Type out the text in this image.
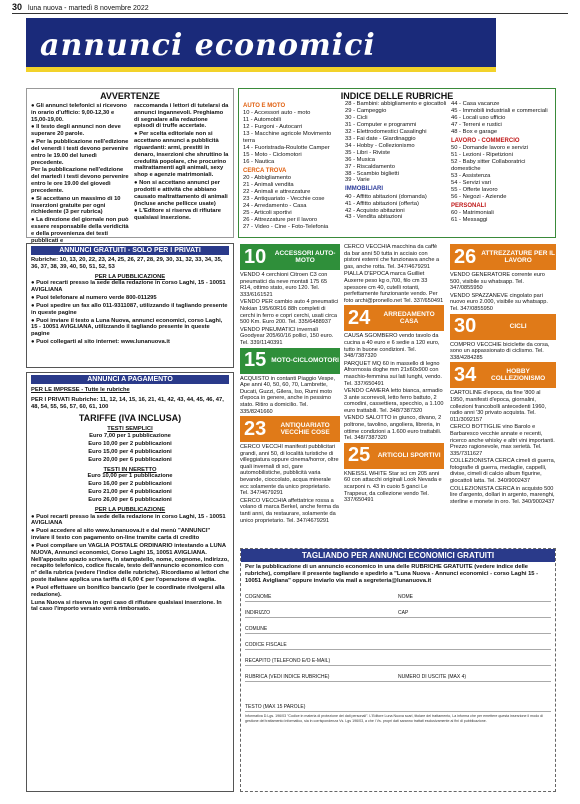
30 luna nuova - martedì 8 novembre 2022
annunci economici
AVVERTENZE
● Gli annunci telefonici si ricevono in orario d'ufficio: 9,00-12,30 e 15,00-19,00.
● Il testo degli annunci non deve superare 20 parole.
● Per la pubblicazione nell'edizione del venerdì i testi devono pervenire entro le 19.00 del lunedì precedente.
Per la pubblicazione nell'edizione del martedì i testi devono pervenire entro le ore 19.00 del giovedì precedente.
● Si accettano un massimo di 10 inserzioni gratuite per ogni richiedente (3 per rubrica)
● La direzione del giornale non può essere responsabile della veridicità e della provenienza dei testi pubblicati e
raccomanda i lettori di tutelarsi da annunci ingannevoli. Preghiamo di segnalare alla redazione episodi di truffe accertate.
● Per scelta editoriale non si accettano annunci a pubblicità riguardanti: armi, prestiti in denaro, inserzioni che shruttino la credulità popolare, che procurino maltrattamenti agli animali, sexy shop e agenzie matrimoniali.
● Non si accettano annunci per prodotti e attività che abbiano causato maltrattamento di animali (incluse anche pellicce usate)
● L'Editore si riserva di rifiutare qualsiasi inserzione.
INDICE DELLE RUBRICHE
AUTO E MOTO
10 - Accessori auto - moto
11 - Automobili
12 - Furgoni - Autocarri
13 - Macchine agricole Movimento terra
14 - Fuoristrada-Roulotte Camper
15 - Moto - Ciclomotori
16 - Nautica
CERCA TROVA
20 - Abbigliamento
21 - Animali vendita
22 - Animali e attrezzature
23 - Antiquariato - Vecchie cose
24 - Arredamento - Casa
25 - Articoli sportivi
26 - Attrezzature per il lavoro
27 - Video - Cine - Foto-Telefonia
28 - Bambini: abbigliamento e giocattoli
29 - Campeggio
30 - Cicli
31 - Computer e programmi
32 - Elettrodomestici Casalinghi
33 - Fai date - Giardinaggio
34 - Hobby - Collezionismo
35 - Libri - Riviste
36 - Musica
37 - Riscaldamento
38 - Scambio biglietti
39 - Varie
IMMOBILIARI
40 - Affitto abitazioni (domanda)
41 - Affitto abitazioni (offerta)
42 - Acquisto abitazioni
43 - Vendita abitazioni
44 - Casa vacanze
45 - Immobili industriali e commerciali
46 - Locali uso ufficio
47 - Terreni e rustici
48 - Box e garage
LAVORO - COMMERCIO
50 - Domande lavoro e servizi
51 - Lezioni - Ripetizioni
52 - Baby sitter Collaboratrici domestiche
53 - Assistenza
54 - Servizi vari
55 - Offerte lavoro
56 - Negozi - Aziende
PERSONALI
60 - Matrimoniali
61 - Messaggi
ANNUNCI GRATUITI - SOLO PER I PRIVATI
Rubriche: 10, 13, 20, 22, 23, 24, 25, 26, 27, 28, 29, 30, 31, 32, 33, 34, 35, 36, 37, 38, 39, 40, 50, 51, 52, 53
PER LA PUBBLICAZIONE
● Puoi recarti presso la sede della redazione in corso Laghi, 15 - 10051 AVIGLIANA
● Puoi telefonare al numero verde 800-011295
● Puoi spedire un fax allo 011-9311087, utilizzando il tagliando presente in queste pagine
● Puoi inviare il testo a Luna Nuova, annunci economici, corso Laghi, 15 - 10051 AVIGLIANA, utilizzando il tagliando presente in queste pagine
● Puoi collegarti al sito internet: www.lunanuova.it
ANNUNCI A PAGAMENTO
PER LE IMPRESE - Tutte le rubriche
PER I PRIVATI Rubriche: 11, 12, 14, 15, 16, 21, 41, 42, 43, 44, 45, 46, 47, 48, 54, 55, 56, 57, 60, 61, 100
TARIFFE (IVA INCLUSA)
TESTI SEMPLICI
Euro 7,00 per 1 pubblicazione
Euro 10,00 per 2 pubblicazioni
Euro 15,00 per 4 pubblicazioni
Euro 20,00 per 6 pubblicazioni
TESTI IN NERETTO
Euro 10,00 per 1 pubblicazione
Euro 16,00 per 2 pubblicazioni
Euro 21,00 per 4 pubblicazioni
Euro 26,00 per 6 pubblicazioni
PER LA PUBBLICAZIONE
● Puoi recarti presso la sede della redazione in corso Laghi, 15 - 10051 AVIGLIANA
● Puoi accedere al sito www.lunanuova.it e dal menù "ANNUNCI" inviare il testo con pagamento on-line tramite carta di credito
● Puoi compilare un VAGLIA POSTALE ORDINARIO intestando a LUNA NUOVA, Annunci economici, Corso Laghi 15, 10051 AVIGLIANA. Nell'apposito spazio scrivere, in stampatello, nome, cognome, indirizzo, recapito telefonico, codice fiscale, testo dell'annuncio economico con n° della rubrica (vedere l'indice delle rubriche). Ricordiamo ai lettori che poste italiane applica una tariffa di 6,00 € per l'operazione di vaglia.
● Puoi effettuare un bonifico bancario (per le coordinate rivolgersi alla redazione).
Luna Nuova si riserva in ogni caso di rifiutare qualsiasi inserzione. In tal caso l'importo versato verrà rimborsato.
10	ACCESSORI AUTO-MOTO
VENDO 4 cerchioni Citroen C3 con pneumatici da neve montati 175 65 R14, ottimo stato, euro 120. Tel. 333/6161521
VENDO PER cambio auto 4 pneumatici Nokian 195/60R16 88h completi di cerchi in ferro e copri cerchi, usati circa 500 Km. Euro 200. Tel. 335/6488937
VENDO PNEUMATICI invernali Goodyear 205/60/16 pollici, 150 euro. Tel. 339/1140391
15 MOTO-CICLOMOTORI
ACQUISTO in contanti Piaggio Vespe, Ape anni 40, 50, 60, 70, Lambrette, Ducati, Guzzi, Gilera, Iso, Rumi moto d'epoca in genere, anche in pessimo stato. Ritiro a domicilio. Tel. 335/8241660
23	ANTIQUARIATO VECCHIE COSE
CERCO VECCHI manifesti pubblicitari grandi, anni 50, di località turistiche di villeggiatura oppure cinema/horror, oltre quali invernali di sci, gare automobilistiche, pubblicità varia bevande, cioccolato, acqua minerale ecc solamente da unico proprietario. Tel. 347/4679291
CERCO VECCHIA affettatrice rossa a volano di marca Berkel, anche ferma da tanti anni, da restaurare, solamente da unico proprietario. Tel. 347/4679291
CERCO VECCHIA macchina da caffè da bar anni 50 tutta in acciaio con pistoni esterni che funzionava anche a gas, anche rotta. Tel. 347/4679291
PIALLA D'EPOCA marca Guilliet Auxerre peso kg o,700, filo cm 33 spessore cm 40, cutelli rotanti, perfettamente funzionante vendo. Per foto archi@pronello.net Tel. 337/650491
24	ARREDAMENTO CASA
CAUSA SGOMBERO vendo tavolo da cucina a 40 euro e 6 sedie a 120 euro, tutto in buone condizioni. Tel. 348/7387320
PARQUET MQ 60 in massello di legno Afrormosia doghe mm 21x60x900 con maschio-femmina sui lati lunghi, vendo. Tel. 337/650491
VENDO CAMERA letto bianca, armadio 3 ante scorrevoli, letto ferro battuto, 2 comodini, cassettiera, specchio, a 1.100 euro trattabili. Tel. 348/7387320
VENDO SALOTTO in giunco, divano, 2 poltrone, tavolino, angoliera, libreria, in ottime condizioni a 1.600 euro trattabili. Tel. 348/7387320
25	ARTICOLI SPORTIVI
KNEISSL WHITE Star sci cm 205 anni 60 con attacchi originali Look Nevada e scarponi n. 43 in cuoio 5 ganci Le Trappeur, da collezione vendo Tel. 337/650491
26 ATTREZZATURE PER IL LAVORO
VENDO GENERATORE corrente euro 500, visibile su whatsapp. Tel. 347/0855950
VENDO SPAZZANEVE cingolato pari nuovo euro 2.000, visibile su whatsapp. Tel. 347/0855950
30	CICLI
COMPRO VECCHIE biciclette da corsa, sono un appassionato di ciclismo. Tel. 338/4284285
34	HOBBY COLLEZIONISMO
CARTOLINE d'epoca, da fine '800 al 1950, manifesti d'epoca, giornalini, collezioni francobolli antecedenti 1960, radio anni '30 privato acquista. Tel. 011/3092157
CERCO BOTTIGLIE vino Barolo e Barbaresco vecchie annate e recenti, ricerco anche whisky e altri vini importanti. Prezzo ragionevole, max serietà. Tel. 335/7311627
COLLEZIONISTA CERCA cimeli di guerra, fotografie di guerra, medaglie, cappelli, divise, cimeli di calcio album figurine, giocattoli latta. Tel. 340/9002437
COLLEZIONISTA CERCA in acquisto 500 lire d'argento, dollari in argento, marenghi, sterline e monete in oro. Tel. 340/9002437
TAGLIANDO PER ANNUNCI ECONOMICI GRATUITI
Per la pubblicazione di un annuncio economico in una delle RUBRICHE GRATUITE (vedere indice delle rubriche), compilare il presente tagliando e spedirlo a "Luna Nuova - Annunci economici - corso Laghi 15 - 10051 Avigliana" oppure inviarlo via mail a segreteria@lunanuova.it
COGNOME	NOME
INDIRIZZO	CAP
COMUNE
CODICE FISCALE
RECAPITO (TELEFONO E/O E-MAIL)
RUBRICA (VEDI INDICE RUBRICHE)	NUMERO DI USCITE (MAX 4)
TESTO (MAX 15 PAROLE)
Informativa D.Lgs. 196/03 "Codice in materia di protezione dei dati personali". L'Editore Luna Nuova scarl, titolare del trattamento, La informa che per emettere questa inserzione il modo di gestione del trattamento informatico, sia in corrispondenza Vs. Lgs 196/03, a che i Vs. propri dati saranno trattati esclusivamente ai fini di pubblicazione.
